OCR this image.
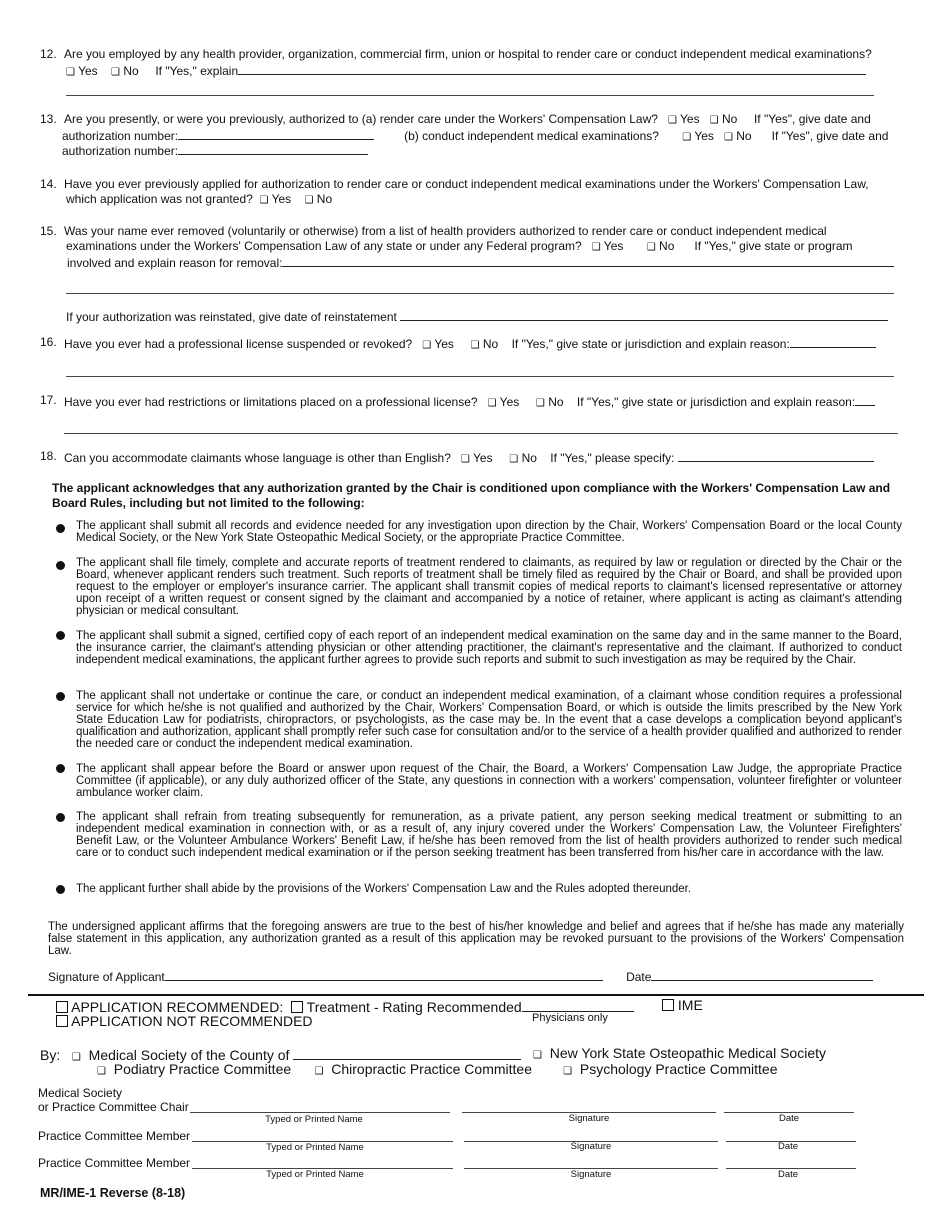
12. Are you employed by any health provider, organization, commercial firm, union or hospital to render care or conduct independent medical examinations?
❑ Yes ❑ No If "Yes," explain
13. Are you presently, or were you previously, authorized to (a) render care under the Workers' Compensation Law? ❑ Yes ❑ No If "Yes", give date and
authorization number:	(b) conduct independent medical examinations? ❑ Yes ❑ No If "Yes", give date and
authorization number:
14. Have you ever previously applied for authorization to render care or conduct independent medical examinations under the Workers' Compensation Law,
which application was not granted? ❑ Yes ❑ No
15. Was your name ever removed (voluntarily or otherwise) from a list of health providers authorized to render care or conduct independent medical
examinations under the Workers' Compensation Law of any state or under any Federal program? ❑ Yes ❑ No If "Yes," give state or program
involved and explain reason for removal:
If your authorization was reinstated, give date of reinstatement
16. Have you ever had a professional license suspended or revoked? ❑ Yes ❑ No If "Yes," give state or jurisdiction and explain reason:
17. Have you ever had restrictions or limitations placed on a professional license? ❑ Yes ❑ No If "Yes," give state or jurisdiction and explain reason:
18. Can you accommodate claimants whose language is other than English? ❑ Yes ❑ No If "Yes," please specify:
The applicant acknowledges that any authorization granted by the Chair is conditioned upon compliance with the Workers' Compensation Law and Board Rules, including but not limited to the following:
The applicant shall submit all records and evidence needed for any investigation upon direction by the Chair, Workers' Compensation Board or the local County Medical Society, or the New York State Osteopathic Medical Society, or the appropriate Practice Committee.
The applicant shall file timely, complete and accurate reports of treatment rendered to claimants, as required by law or regulation or directed by the Chair or the Board, whenever applicant renders such treatment. Such reports of treatment shall be timely filed as required by the Chair or Board, and shall be provided upon request to the employer or employer's insurance carrier. The applicant shall transmit copies of medical reports to claimant's licensed representative or attorney upon receipt of a written request or consent signed by the claimant and accompanied by a notice of retainer, where applicant is acting as claimant's attending physician or medical consultant.
The applicant shall submit a signed, certified copy of each report of an independent medical examination on the same day and in the same manner to the Board, the insurance carrier, the claimant's attending physician or other attending practitioner, the claimant's representative and the claimant. If authorized to conduct independent medical examinations, the applicant further agrees to provide such reports and submit to such investigation as may be required by the Chair.
The applicant shall not undertake or continue the care, or conduct an independent medical examination, of a claimant whose condition requires a professional service for which he/she is not qualified and authorized by the Chair, Workers' Compensation Board, or which is outside the limits prescribed by the New York State Education Law for podiatrists, chiropractors, or psychologists, as the case may be. In the event that a case develops a complication beyond applicant's qualification and authorization, applicant shall promptly refer such case for consultation and/or to the service of a health provider qualified and authorized to render the needed care or conduct the independent medical examination.
The applicant shall appear before the Board or answer upon request of the Chair, the Board, a Workers' Compensation Law Judge, the appropriate Practice Committee (if applicable), or any duly authorized officer of the State, any questions in connection with a workers' compensation, volunteer firefighter or volunteer ambulance worker claim.
The applicant shall refrain from treating subsequently for remuneration, as a private patient, any person seeking medical treatment or submitting to an independent medical examination in connection with, or as a result of, any injury covered under the Workers' Compensation Law, the Volunteer Firefighters' Benefit Law, or the Volunteer Ambulance Workers' Benefit Law, if he/she has been removed from the list of health providers authorized to render such medical care or to conduct such independent medical examination or if the person seeking treatment has been transferred from his/her care in accordance with the law.
The applicant further shall abide by the provisions of the Workers' Compensation Law and the Rules adopted thereunder.
The undersigned applicant affirms that the foregoing answers are true to the best of his/her knowledge and belief and agrees that if he/she has made any materially false statement in this application, any authorization granted as a result of this application may be revoked pursuant to the provisions of the Workers' Compensation Law.
Signature of Applicant	Date
APPLICATION RECOMMENDED: Treatment - Rating Recommended	IME
Physicians only
APPLICATION NOT RECOMMENDED
By: ❑ Medical Society of the County of	❑ New York State Osteopathic Medical Society
❑ Podiatry Practice Committee ❑ Chiropractic Practice Committee	❑ Psychology Practice Committee
Medical Society
or Practice Committee Chair
Typed or Printed Name	Signature	Date
Practice Committee Member
Typed or Printed Name	Signature	Date
Practice Committee Member
Typed or Printed Name	Signature	Date
MR/IME-1 Reverse (8-18)
